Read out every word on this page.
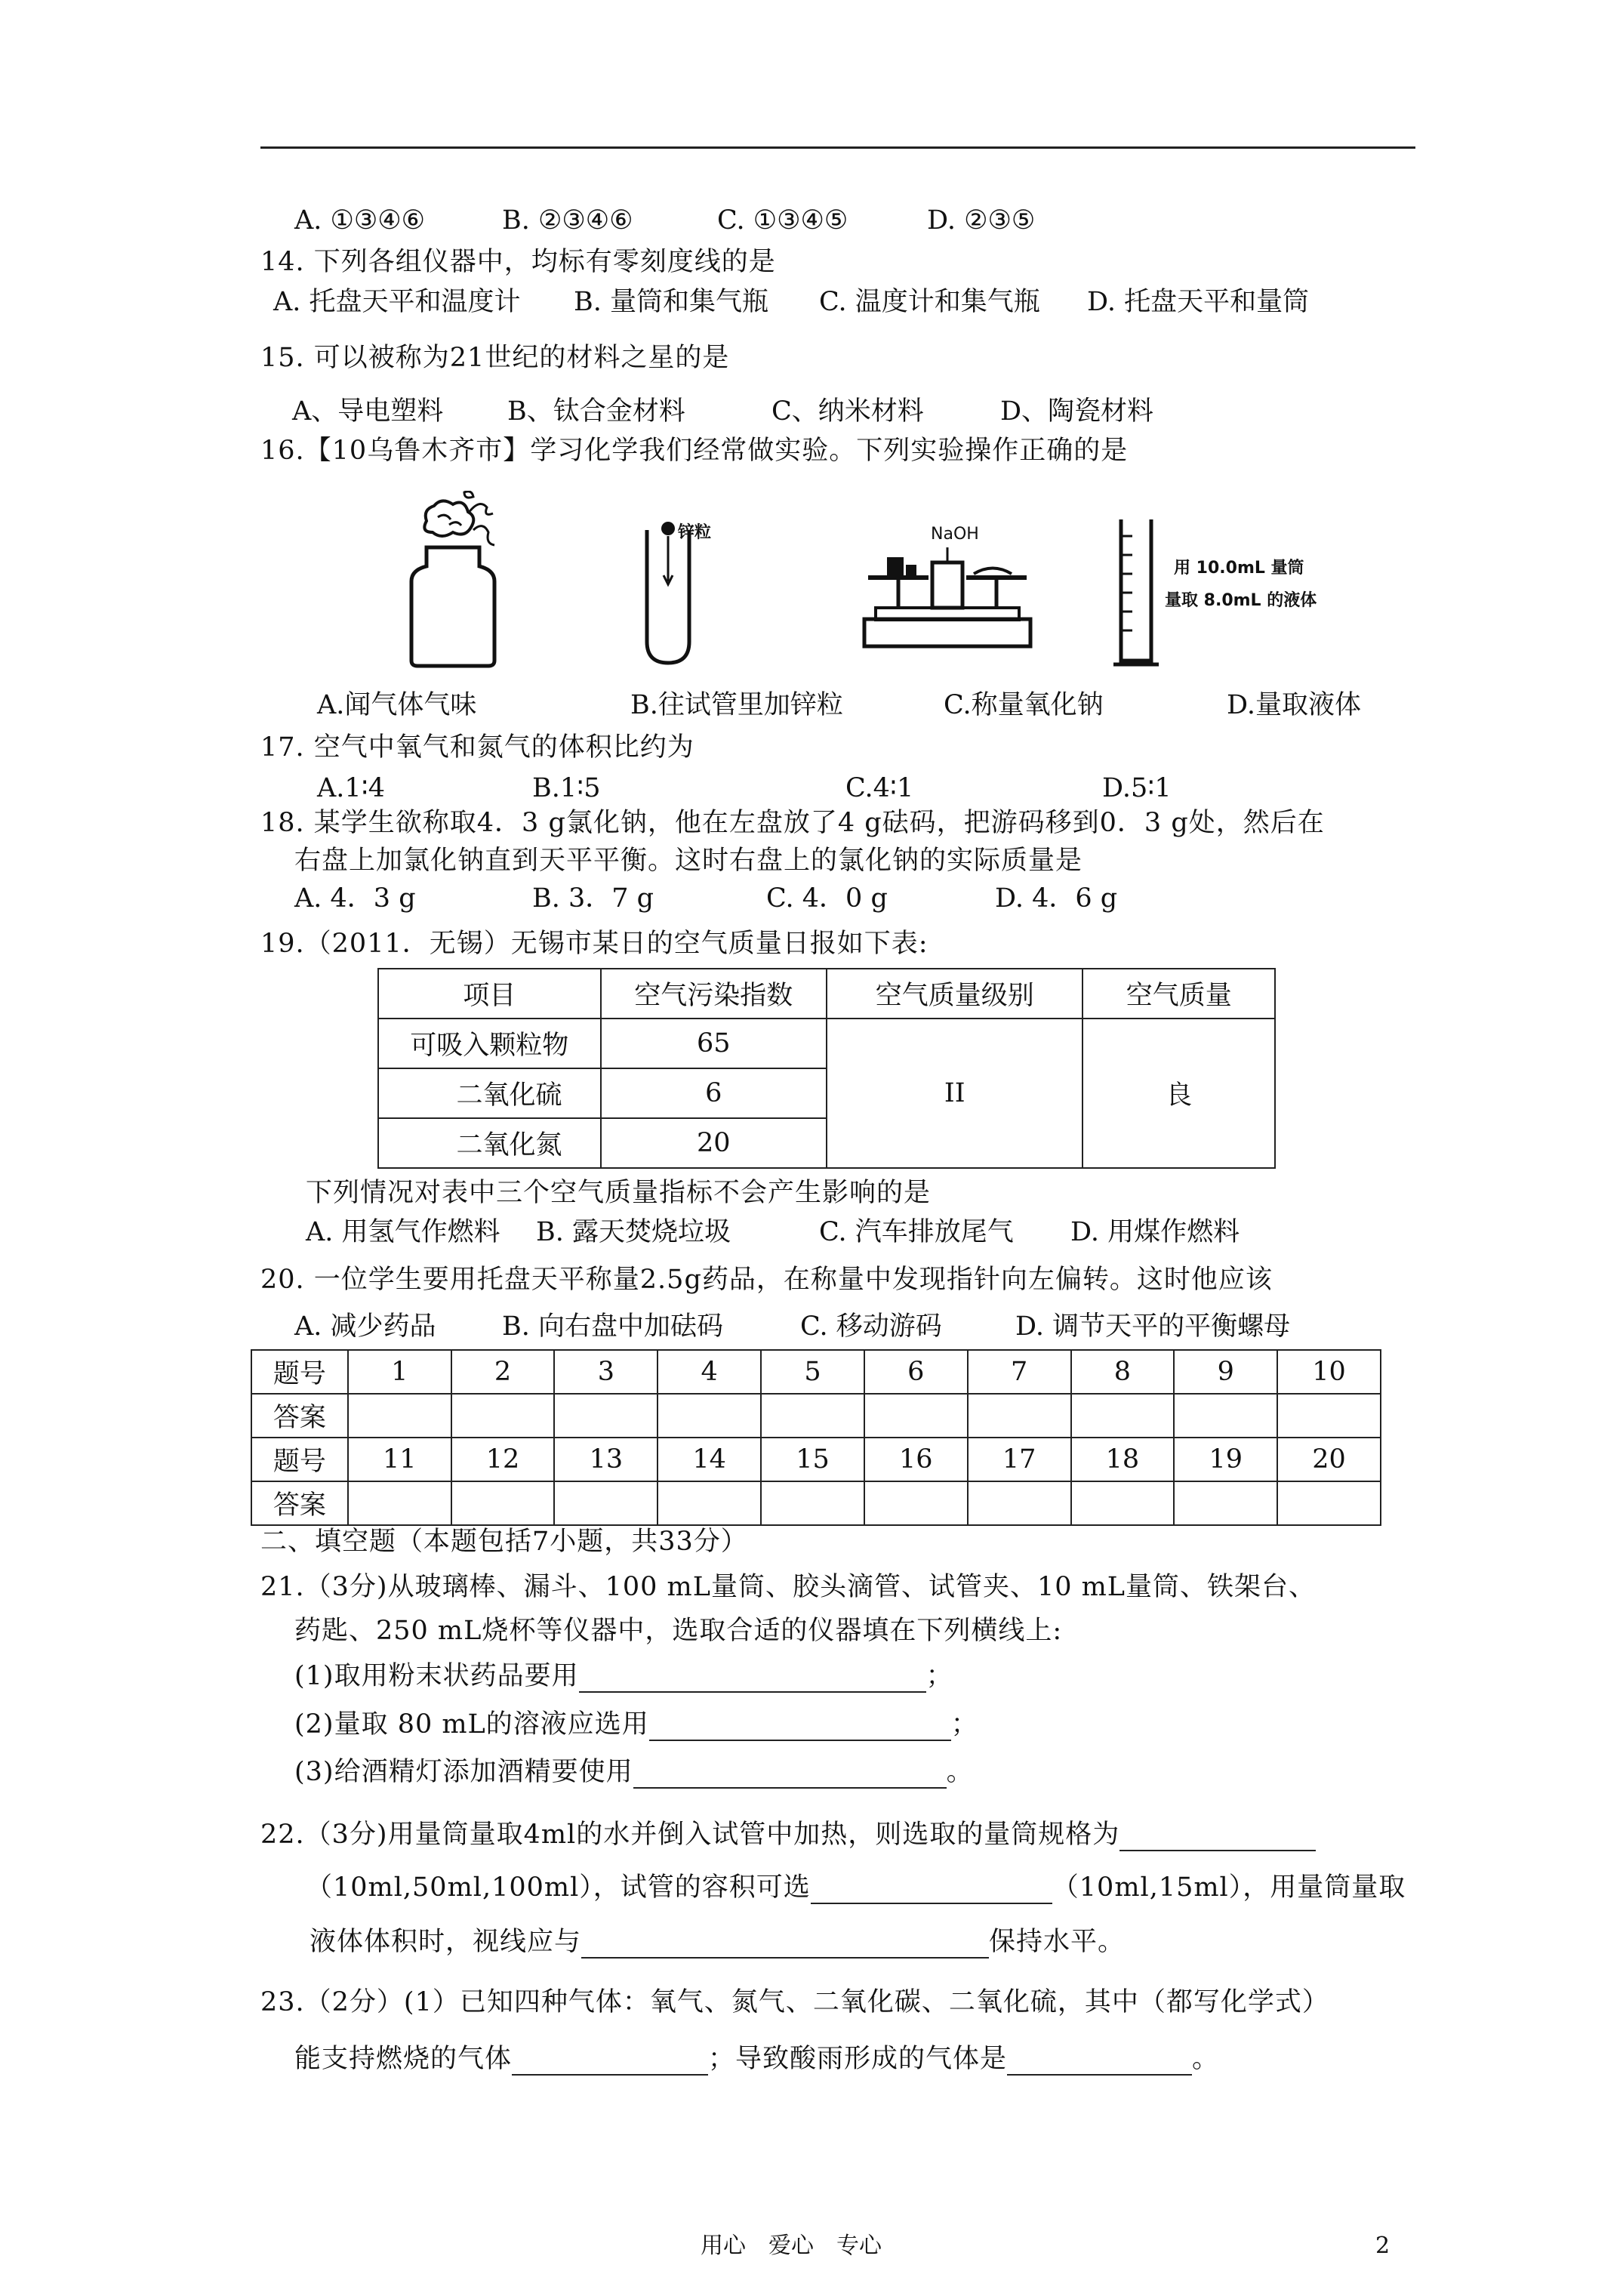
A. ①③④⑥	B. ②③④⑥	C. ①③④⑤	D. ②③⑤
14. 下列各组仪器中，均标有零刻度线的是
A. 托盘天平和温度计 B. 量筒和集气瓶 C. 温度计和集气瓶 D. 托盘天平和量筒
15. 可以被称为21世纪的材料之星的是
A、导电塑料 B、钛合金材料	C、纳米材料	D、陶瓷材料
16.【10乌鲁木齐市】学习化学我们经常做实验。下列实验操作正确的是
锌粒	NaOH
用 10.0mL 量筒
量取 8.0mL 的液体
A.闻气体气味	B.往试管里加锌粒	C.称量氧化钠	D.量取液体
17. 空气中氧气和氮气的体积比约为
A.1∶4	B.1∶5	C.4∶1	D.5∶1
18. 某学生欲称取4．3 g氯化钠，他在左盘放了4 g砝码，把游码移到0．3 g处，然后在
右盘上加氯化钠直到天平平衡。这时右盘上的氯化钠的实际质量是
A. 4．3 g	B. 3．7 g	C. 4．0 g	D. 4．6 g
19.（2011．无锡）无锡市某日的空气质量日报如下表:
项目	空气污染指数	空气质量级别	空气质量
可吸入颗粒物	65	II	良
二氧化硫	6		
二氧化氮	20		
下列情况对表中三个空气质量指标不会产生影响的是
A. 用氢气作燃料 B. 露天焚烧垃圾	C. 汽车排放尾气 D. 用煤作燃料
20. 一位学生要用托盘天平称量2.5g药品，在称量中发现指针向左偏转。这时他应该
A. 减少药品 B. 向右盘中加砝码	C. 移动游码	D. 调节天平的平衡螺母
题号	1	2	3	4	5	6	7	8	9	10
答案										
题号	11	12	13	14	15	16	17	18	19	20
答案										
二、填空题（本题包括7小题，共33分）
21.（3分)从玻璃棒、漏斗、100 mL量筒、胶头滴管、试管夹、10 mL量筒、铁架台、
药匙、250 mL烧杯等仪器中，选取合适的仪器填在下列横线上:
(1)取用粉末状药品要用	；
(2)量取 80 mL的溶液应选用	；
(3)给酒精灯添加酒精要使用	。
22.（3分)用量筒量取4ml的水并倒入试管中加热，则选取的量筒规格为
（10ml,50ml,100ml），试管的容积可选	（10ml,15ml），用量筒量取
液体体积时，视线应与	保持水平。
23.（2分）(1）已知四种气体：氧气、氮气、二氧化碳、二氧化硫，其中（都写化学式）
能支持燃烧的气体	；导致酸雨形成的气体是	。
用心　爱心　专心	2
